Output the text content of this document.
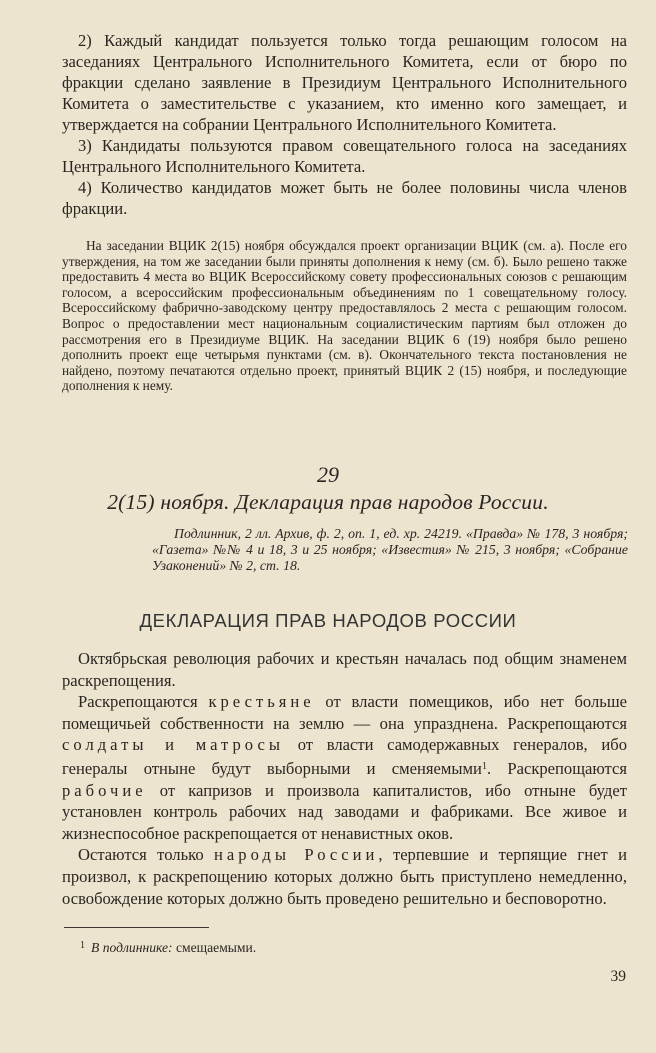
2) Каждый кандидат пользуется только тогда решающим голосом на заседаниях Центрального Исполнительного Комитета, если от бюро по фракции сделано заявление в Президиум Центрального Исполнительного Комитета о заместительстве с указанием, кто именно кого замещает, и утверждается на собрании Центрального Исполнительного Комитета.

3) Кандидаты пользуются правом совещательного голоса на заседаниях Центрального Исполнительного Комитета.

4) Количество кандидатов может быть не более половины числа членов фракции.

На заседании ВЦИК 2(15) ноября обсуждался проект организации ВЦИК (см. а). После его утверждения, на том же заседании были приняты дополнения к нему (см. б). Было решено также предоставить 4 места во ВЦИК Всероссийскому совету профессиональных союзов с решающим голосом, а всероссийским профессиональным объединениям по 1 совещательному голосу. Всероссийскому фабрично-заводскому центру предоставлялось 2 места с решающим голосом. Вопрос о предоставлении мест национальным социалистическим партиям был отложен до рассмотрения его в Президиуме ВЦИК. На заседании ВЦИК 6 (19) ноября было решено дополнить проект еще четырьмя пунктами (см. в). Окончательного текста постановления не найдено, поэтому печатаются отдельно проект, принятый ВЦИК 2 (15) ноября, и последующие дополнения к нему.

29
2(15) ноября. Декларация прав народов России.

Подлинник, 2 лл. Архив, ф. 2, оп. 1, ед. хр. 24219. «Правда» № 178, 3 ноября; «Газета» №№ 4 и 18, 3 и 25 ноября; «Известия» № 215, 3 ноября; «Собрание Узаконений» № 2, ст. 18.

ДЕКЛАРАЦИЯ ПРАВ НАРОДОВ РОССИИ

Октябрьская революция рабочих и крестьян началась под общим знаменем раскрепощения.

Раскрепощаются крестьяне от власти помещиков, ибо нет больше помещичьей собственности на землю — она упразднена. Раскрепощаются солдаты и матросы от власти самодержавных генералов, ибо генералы отныне будут выборными и сменяемыми$^1$. Раскрепощаются рабочие от капризов и произвола капиталистов, ибо отныне будет установлен контроль рабочих над заводами и фабриками. Все живое и жизнеспособное раскрепощается от ненавистных оков.

Остаются только народы России, терпевшие и терпящие гнет и произвол, к раскрепощению которых должно быть приступлено немедленно, освобождение которых должно быть проведено решительно и бесповоротно.

$^1$ В подлиннике: смещаемыми.
39
